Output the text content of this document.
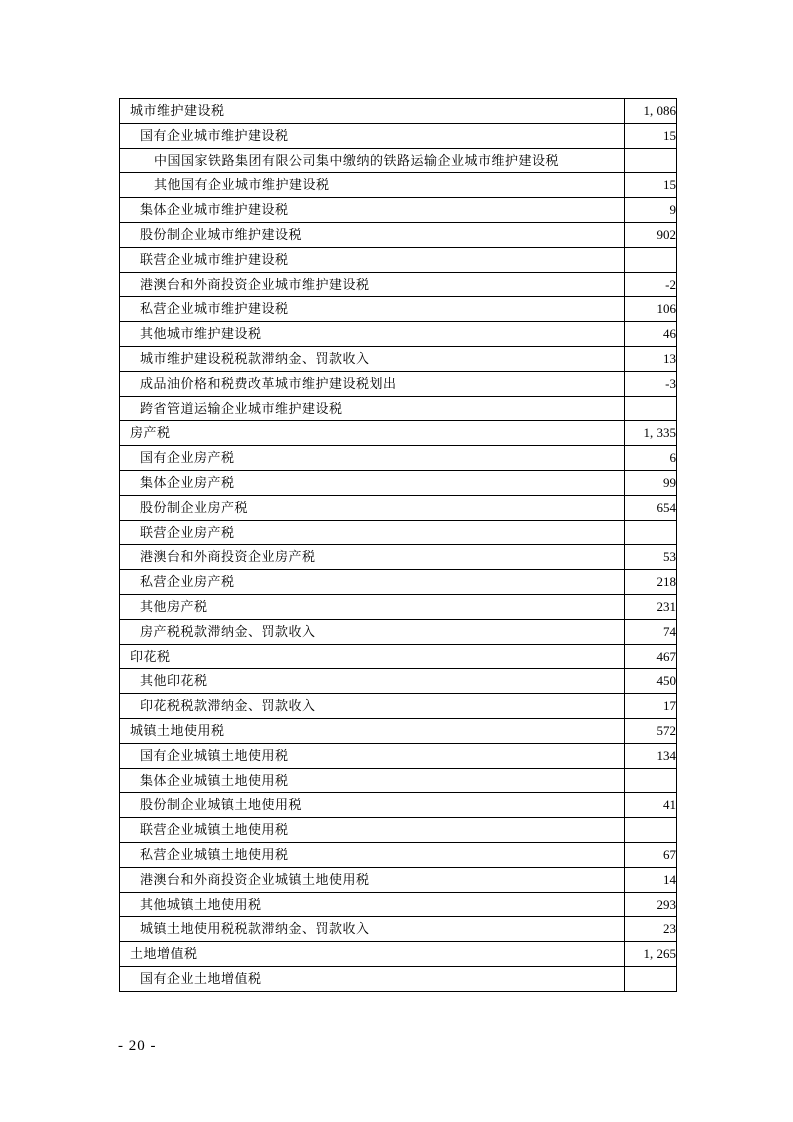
城市维护建设税	1, 086
国有企业城市维护建设税	15
中国国家铁路集团有限公司集中缴纳的铁路运输企业城市维护建设税	
其他国有企业城市维护建设税	15
集体企业城市维护建设税	9
股份制企业城市维护建设税	902
联营企业城市维护建设税	
港澳台和外商投资企业城市维护建设税	-2
私营企业城市维护建设税	106
其他城市维护建设税	46
城市维护建设税税款滞纳金、罚款收入	13
成品油价格和税费改革城市维护建设税划出	-3
跨省管道运输企业城市维护建设税	
房产税	1, 335
国有企业房产税	6
集体企业房产税	99
股份制企业房产税	654
联营企业房产税	
港澳台和外商投资企业房产税	53
私营企业房产税	218
其他房产税	231
房产税税款滞纳金、罚款收入	74
印花税	467
其他印花税	450
印花税税款滞纳金、罚款收入	17
城镇土地使用税	572
国有企业城镇土地使用税	134
集体企业城镇土地使用税	
股份制企业城镇土地使用税	41
联营企业城镇土地使用税	
私营企业城镇土地使用税	67
港澳台和外商投资企业城镇土地使用税	14
其他城镇土地使用税	293
城镇土地使用税税款滞纳金、罚款收入	23
土地增值税	1, 265
国有企业土地增值税	
- 20 -
